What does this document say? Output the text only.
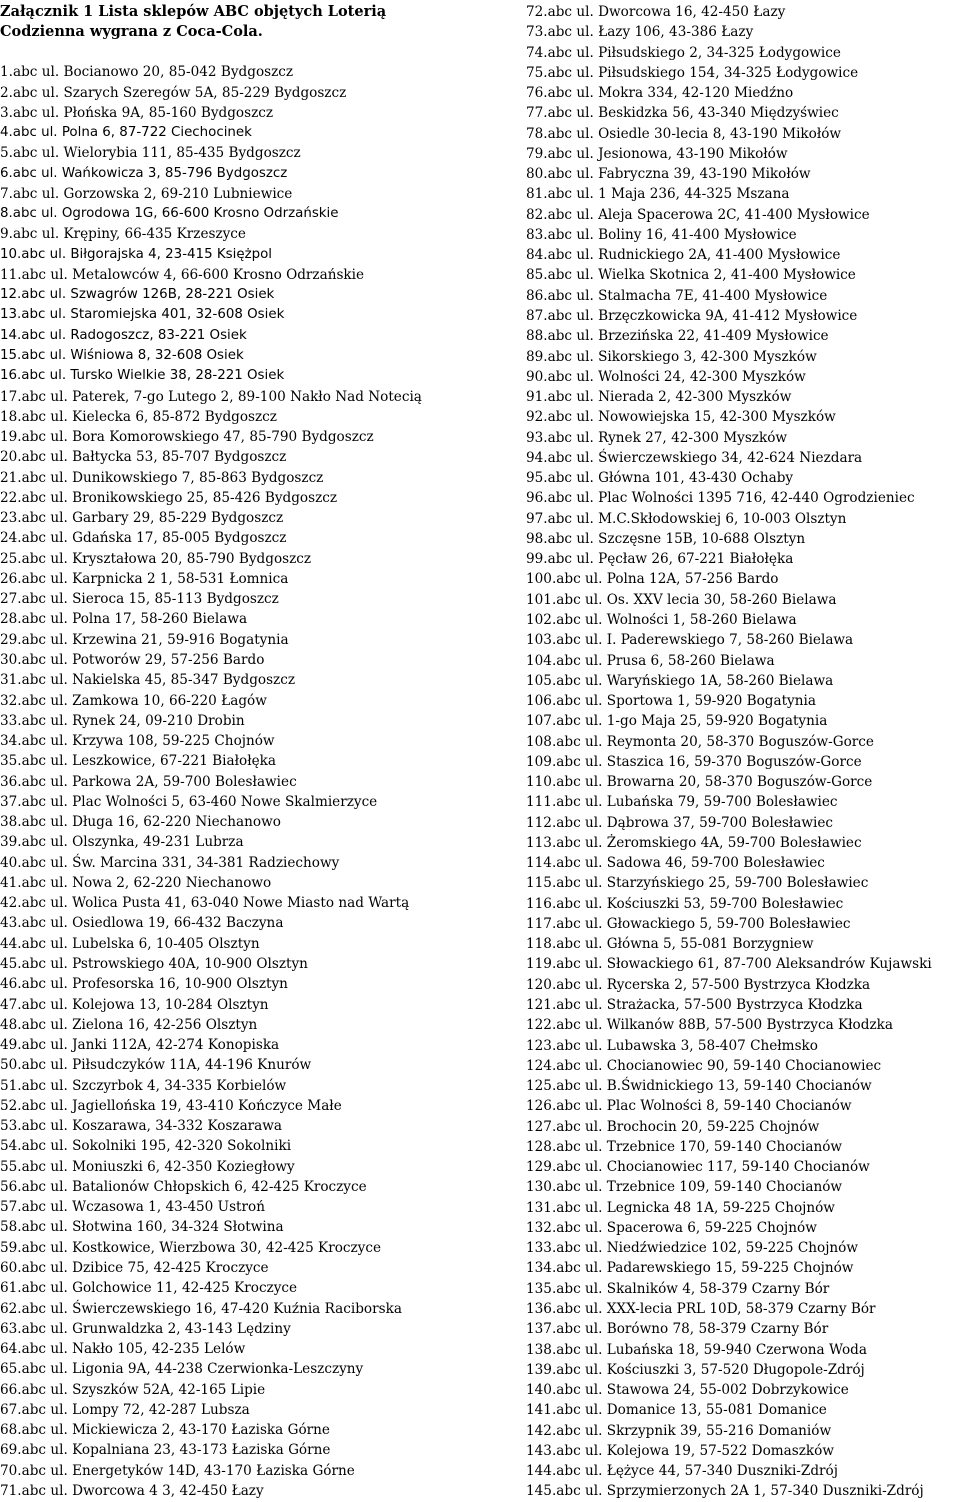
Załącznik 1 Lista sklepów ABC objętych Loterią
Codzienna wygrana z Coca-Cola.
1.abc ul. Bocianowo 20, 85-042 Bydgoszcz
2.abc ul. Szarych Szeregów 5A, 85-229 Bydgoszcz
3.abc ul. Płońska 9A, 85-160 Bydgoszcz
4.abc ul. Polna 6, 87-722 Ciechocinek
5.abc ul. Wielorybia 111, 85-435 Bydgoszcz
6.abc ul. Wańkowicza 3, 85-796 Bydgoszcz
7.abc ul. Gorzowska 2, 69-210 Lubniewice
8.abc ul. Ogrodowa 1G, 66-600 Krosno Odrzańskie
9.abc ul. Krępiny, 66-435 Krzeszyce
10.abc ul. Biłgorajska 4, 23-415 Księżpol
11.abc ul. Metalowców 4, 66-600 Krosno Odrzańskie
12.abc ul. Szwagrów 126B, 28-221 Osiek
13.abc ul. Staromiejska 401, 32-608 Osiek
14.abc ul. Radogoszcz, 83-221 Osiek
15.abc ul. Wiśniowa 8, 32-608 Osiek
16.abc ul. Tursko Wielkie 38, 28-221 Osiek
17.abc ul. Paterek, 7-go Lutego 2, 89-100 Nakło Nad Notecią
18.abc ul. Kielecka 6, 85-872 Bydgoszcz
19.abc ul. Bora Komorowskiego 47, 85-790 Bydgoszcz
20.abc ul. Bałtycka 53, 85-707 Bydgoszcz
21.abc ul. Dunikowskiego 7, 85-863 Bydgoszcz
22.abc ul. Bronikowskiego 25, 85-426 Bydgoszcz
23.abc ul. Garbary 29, 85-229 Bydgoszcz
24.abc ul. Gdańska 17, 85-005 Bydgoszcz
25.abc ul. Kryształowa 20, 85-790 Bydgoszcz
26.abc ul. Karpnicka 2 1, 58-531 Łomnica
27.abc ul. Sieroca 15, 85-113 Bydgoszcz
28.abc ul. Polna 17, 58-260 Bielawa
29.abc ul. Krzewina 21, 59-916 Bogatynia
30.abc ul. Potworów 29, 57-256 Bardo
31.abc ul. Nakielska 45, 85-347 Bydgoszcz
32.abc ul. Zamkowa 10, 66-220 Łagów
33.abc ul. Rynek 24, 09-210 Drobin
34.abc ul. Krzywa 108, 59-225 Chojnów
35.abc ul. Leszkowice, 67-221 Białołęka
36.abc ul. Parkowa 2A, 59-700 Bolesławiec
37.abc ul. Plac Wolności 5, 63-460 Nowe Skalmierzyce
38.abc ul. Długa 16, 62-220 Niechanowo
39.abc ul. Olszynka, 49-231 Lubrza
40.abc ul. Św. Marcina 331, 34-381 Radziechowy
41.abc ul. Nowa 2, 62-220 Niechanowo
42.abc ul. Wolica Pusta 41, 63-040 Nowe Miasto nad Wartą
43.abc ul. Osiedlowa 19, 66-432 Baczyna
44.abc ul. Lubelska 6, 10-405 Olsztyn
45.abc ul. Pstrowskiego 40A, 10-900 Olsztyn
46.abc ul. Profesorska 16, 10-900 Olsztyn
47.abc ul. Kolejowa 13, 10-284 Olsztyn
48.abc ul. Zielona 16, 42-256 Olsztyn
49.abc ul. Janki 112A, 42-274 Konopiska
50.abc ul. Piłsudczyków 11A, 44-196 Knurów
51.abc ul. Szczyrbok 4, 34-335 Korbielów
52.abc ul. Jagiellońska 19, 43-410 Kończyce Małe
53.abc ul. Koszarawa, 34-332 Koszarawa
54.abc ul. Sokolniki 195, 42-320 Sokolniki
55.abc ul. Moniuszki 6, 42-350 Koziegłowy
56.abc ul. Batalionów Chłopskich 6, 42-425 Kroczyce
57.abc ul. Wczasowa 1, 43-450 Ustroń
58.abc ul. Słotwina 160, 34-324 Słotwina
59.abc ul. Kostkowice, Wierzbowa 30, 42-425 Kroczyce
60.abc ul. Dzibice 75, 42-425 Kroczyce
61.abc ul. Golchowice 11, 42-425 Kroczyce
62.abc ul. Świerczewskiego 16, 47-420 Kuźnia Raciborska
63.abc ul. Grunwaldzka 2, 43-143 Lędziny
64.abc ul. Nakło 105, 42-235 Lelów
65.abc ul. Ligonia 9A, 44-238 Czerwionka-Leszczyny
66.abc ul. Szyszków 52A, 42-165 Lipie
67.abc ul. Lompy 72, 42-287 Lubsza
68.abc ul. Mickiewicza 2, 43-170 Łaziska Górne
69.abc ul. Kopalniana 23, 43-173 Łaziska Górne
70.abc ul. Energetyków 14D, 43-170 Łaziska Górne
71.abc ul. Dworcowa 4 3, 42-450 Łazy
72.abc ul. Dworcowa 16, 42-450 Łazy
73.abc ul. Łazy 106, 43-386 Łazy
74.abc ul. Piłsudskiego 2, 34-325 Łodygowice
75.abc ul. Piłsudskiego 154, 34-325 Łodygowice
76.abc ul. Mokra 334, 42-120 Miedźno
77.abc ul. Beskidzka 56, 43-340 Międzyświec
78.abc ul. Osiedle 30-lecia 8, 43-190 Mikołów
79.abc ul. Jesionowa, 43-190 Mikołów
80.abc ul. Fabryczna 39, 43-190 Mikołów
81.abc ul. 1 Maja 236, 44-325 Mszana
82.abc ul. Aleja Spacerowa 2C, 41-400 Mysłowice
83.abc ul. Boliny 16, 41-400 Mysłowice
84.abc ul. Rudnickiego 2A, 41-400 Mysłowice
85.abc ul. Wielka Skotnica 2, 41-400 Mysłowice
86.abc ul. Stalmacha 7E, 41-400 Mysłowice
87.abc ul. Brzęczkowicka 9A, 41-412 Mysłowice
88.abc ul. Brzezińska 22, 41-409 Mysłowice
89.abc ul. Sikorskiego 3, 42-300 Myszków
90.abc ul. Wolności 24, 42-300 Myszków
91.abc ul. Nierada 2, 42-300 Myszków
92.abc ul. Nowowiejska 15, 42-300 Myszków
93.abc ul. Rynek 27, 42-300 Myszków
94.abc ul. Świerczewskiego 34, 42-624 Niezdara
95.abc ul. Główna 101, 43-430 Ochaby
96.abc ul. Plac Wolności 1395 716, 42-440 Ogrodzieniec
97.abc ul. M.C.Skłodowskiej 6, 10-003 Olsztyn
98.abc ul. Szczęsne 15B, 10-688 Olsztyn
99.abc ul. Pęcław 26, 67-221 Białołęka
100.abc ul. Polna 12A, 57-256 Bardo
101.abc ul. Os. XXV lecia 30, 58-260 Bielawa
102.abc ul. Wolności 1, 58-260 Bielawa
103.abc ul. I. Paderewskiego 7, 58-260 Bielawa
104.abc ul. Prusa 6, 58-260 Bielawa
105.abc ul. Waryńskiego 1A, 58-260 Bielawa
106.abc ul. Sportowa 1, 59-920 Bogatynia
107.abc ul. 1-go Maja 25, 59-920 Bogatynia
108.abc ul. Reymonta 20, 58-370 Boguszów-Gorce
109.abc ul. Staszica 16, 59-370 Boguszów-Gorce
110.abc ul. Browarna 20, 58-370 Boguszów-Gorce
111.abc ul. Lubańska 79, 59-700 Bolesławiec
112.abc ul. Dąbrowa 37, 59-700 Bolesławiec
113.abc ul. Żeromskiego 4A, 59-700 Bolesławiec
114.abc ul. Sadowa 46, 59-700 Bolesławiec
115.abc ul. Starzyńskiego 25, 59-700 Bolesławiec
116.abc ul. Kościuszki 53, 59-700 Bolesławiec
117.abc ul. Głowackiego 5, 59-700 Bolesławiec
118.abc ul. Główna 5, 55-081 Borzygniew
119.abc ul. Słowackiego 61, 87-700 Aleksandrów Kujawski
120.abc ul. Rycerska 2, 57-500 Bystrzyca Kłodzka
121.abc ul. Strażacka, 57-500 Bystrzyca Kłodzka
122.abc ul. Wilkanów 88B, 57-500 Bystrzyca Kłodzka
123.abc ul. Lubawska 3, 58-407 Chełmsko
124.abc ul. Chocianowiec 90, 59-140 Chocianowiec
125.abc ul. B.Świdnickiego 13, 59-140 Chocianów
126.abc ul. Plac Wolności 8, 59-140 Chocianów
127.abc ul. Brochocin 20, 59-225 Chojnów
128.abc ul. Trzebnice 170, 59-140 Chocianów
129.abc ul. Chocianowiec 117, 59-140 Chocianów
130.abc ul. Trzebnice 109, 59-140 Chocianów
131.abc ul. Legnicka 48 1A, 59-225 Chojnów
132.abc ul. Spacerowa 6, 59-225 Chojnów
133.abc ul. Niedźwiedzice 102, 59-225 Chojnów
134.abc ul. Padarewskiego 15, 59-225 Chojnów
135.abc ul. Skalników 4, 58-379 Czarny Bór
136.abc ul. XXX-lecia PRL 10D, 58-379 Czarny Bór
137.abc ul. Borówno 78, 58-379 Czarny Bór
138.abc ul. Lubańska 18, 59-940 Czerwona Woda
139.abc ul. Kościuszki 3, 57-520 Długopole-Zdrój
140.abc ul. Stawowa 24, 55-002 Dobrzykowice
141.abc ul. Domanice 13, 55-081 Domanice
142.abc ul. Skrzypnik 39, 55-216 Domaniów
143.abc ul. Kolejowa 19, 57-522 Domaszków
144.abc ul. Łężyce 44, 57-340 Duszniki-Zdrój
145.abc ul. Sprzymierzonych 2A 1, 57-340 Duszniki-Zdrój
